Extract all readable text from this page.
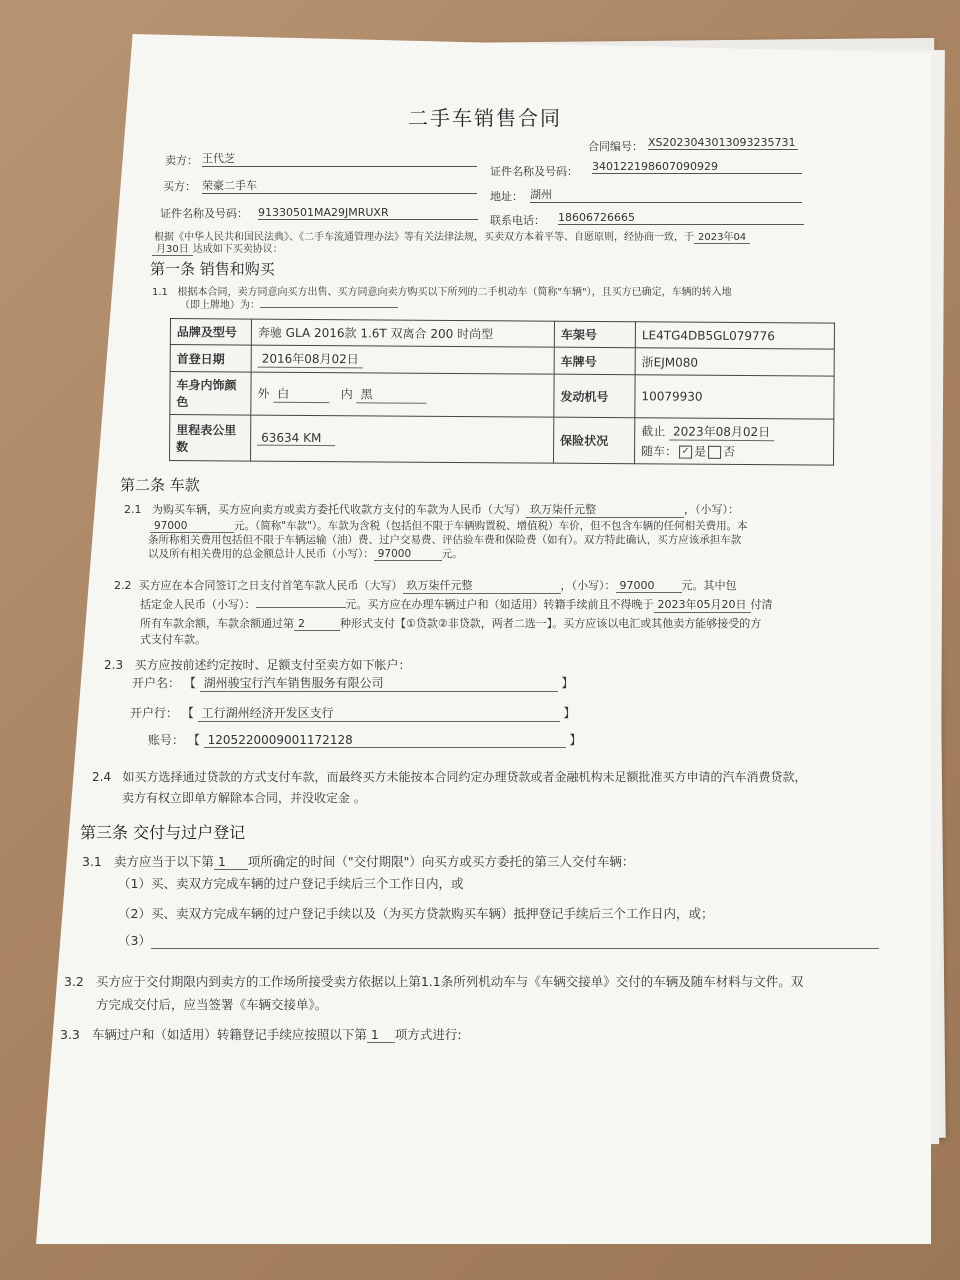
二手车销售合同
合同编号： XS2023043013093235731
卖方： 王代芝
证件名称及号码： 340122198607090929
买方： 荣豪二手车
地址： 湖州
证件名称及号码： 91330501MA29JMRUXR
联系电话： 18606726665
根据《中华人民共和国民法典》、《二手车流通管理办法》等有关法律法规，买卖双方本着平等、自愿原则，经协商一致，于 2023年04
月30日 达成如下买卖协议：
第一条 销售和购买
1.1 根据本合同，卖方同意向买方出售、买方同意向卖方购买以下所列的二手机动车（简称"车辆"），且买方已确定，车辆的转入地
（即上牌地）为：
品牌及型号	奔驰 GLA 2016款 1.6T 双离合 200 时尚型	车架号	LE4TG4DB5GL079776
首登日期	2016年08月02日	车牌号	浙EJM080
车身内饰颜色	外 白 内 黑	发动机号	10079930
里程表公里数	63634 KM	保险状况	截止 2023年08月02日
随车： ✓ 是 否
第二条 车款
2.1 为购买车辆，买方应向卖方或卖方委托代收款方支付的车款为人民币（大写） 玖万柒仟元整	，（小写）：
97000	元。（简称"车款"）。车款为含税（包括但不限于车辆购置税、增值税）车价，但不包含车辆的任何相关费用。本
条所称相关费用包括但不限于车辆运输（油）费、过户交易费、评估验车费和保险费（如有）。双方特此确认，买方应该承担车款
以及所有相关费用的总金额总计人民币（小写）： 97000	元。
2.2 买方应在本合同签订之日支付首笔车款人民币（大写） 玖万柒仟元整	，（小写）： 97000 元。其中包
括定金人民币（小写）：	元。买方应在办理车辆过户和（如适用）转籍手续前且不得晚于 2023年05月20日 付清
所有车款余额，车款余额通过第 2	种形式支付【①贷款②非贷款，两者二选一】。买方应该以电汇或其他卖方能够接受的方
式支付车款。
2.3 买方应按前述约定按时、足额支付至卖方如下帐户：
开户名： 【 湖州骏宝行汽车销售服务有限公司	】
开户行： 【 工行湖州经济开发区支行	】
账号： 【 1205220009001172128	】
2.4 如买方选择通过贷款的方式支付车款，而最终买方未能按本合同约定办理贷款或者金融机构未足额批准买方申请的汽车消费贷款，
卖方有权立即单方解除本合同，并没收定金 。
第三条 交付与过户登记
3.1 卖方应当于以下第 1 项所确定的时间（"交付期限"）向买方或买方委托的第三人交付车辆：
（1）买、卖双方完成车辆的过户登记手续后三个工作日内，或
（2）买、卖双方完成车辆的过户登记手续以及（为买方贷款购买车辆）抵押登记手续后三个工作日内，或；
（3）
3.2 买方应于交付期限内到卖方的工作场所接受卖方依据以上第1.1条所列机动车与《车辆交接单》交付的车辆及随车材料与文件。双
方完成交付后，应当签署《车辆交接单》。
3.3 车辆过户和（如适用）转籍登记手续应按照以下第 1 项方式进行:
